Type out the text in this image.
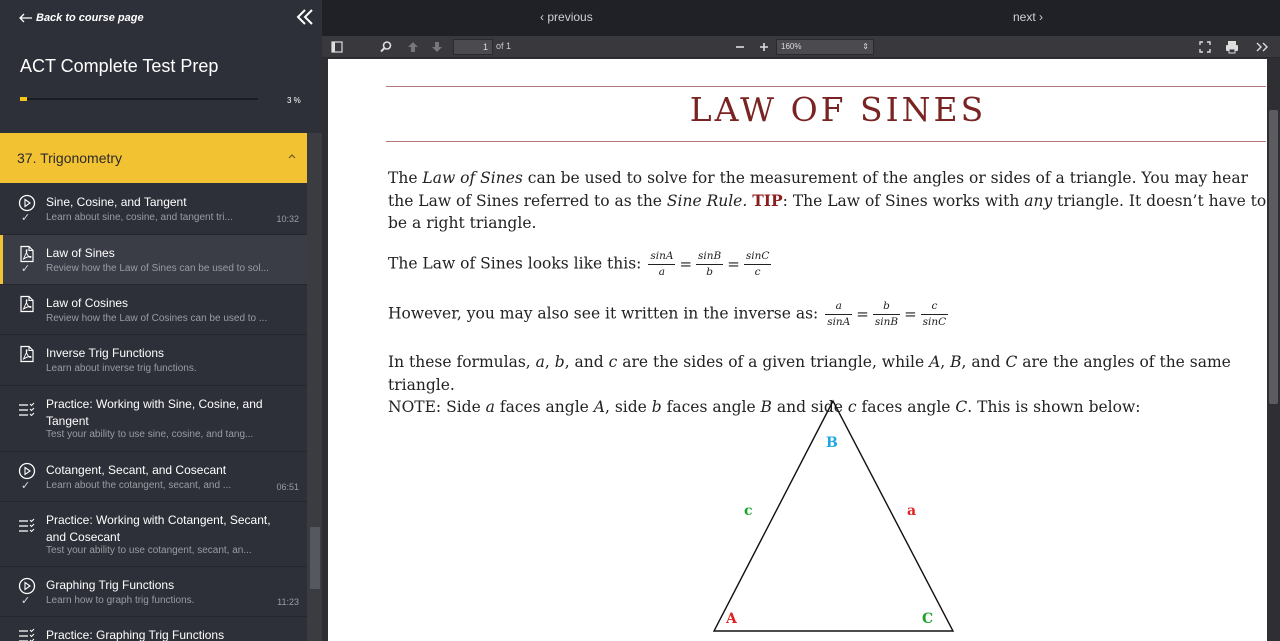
Back to course page
ACT Complete Test Prep
3 %
37. Trigonometry
✓
Sine, Cosine, and Tangent
Learn about sine, cosine, and tangent tri...	10:32
✓
Law of Sines
Review how the Law of Sines can be used to sol...
Law of Cosines
Review how the Law of Cosines can be used to ...
Inverse Trig Functions
Learn about inverse trig functions.
Practice: Working with Sine, Cosine, and Tangent
Test your ability to use sine, cosine, and tang...
✓
Cotangent, Secant, and Cosecant
Learn about the cotangent, secant, and ...	06:51
Practice: Working with Cotangent, Secant, and Cosecant
Test your ability to use cotangent, secant, an...
✓
Graphing Trig Functions
Learn how to graph trig functions.	11:23
Practice: Graphing Trig Functions
‹ previous	next ›
1
of 1	160%	⇕
LAW OF SINES
The Law of Sines can be used to solve for the measurement of the angles or sides of a triangle. You may hear the Law of Sines referred to as the Sine Rule. TIP: The Law of Sines works with any triangle. It doesn’t have to be a right triangle.
The Law of Sines looks like this: $\frac{\sin A}{a} = \frac{\sin B}{b} = \frac{\sin C}{c}$
However, you may also see it written in the inverse as: $\frac{a}{\sin A} = \frac{b}{\sin B} = \frac{c}{\sin C}$
In these formulas, a, b, and c are the sides of a given triangle, while A, B, and C are the angles of the same triangle.
NOTE: Side a faces angle A, side b faces angle B and side c faces angle C. This is shown below:
B
A	C
a
c
